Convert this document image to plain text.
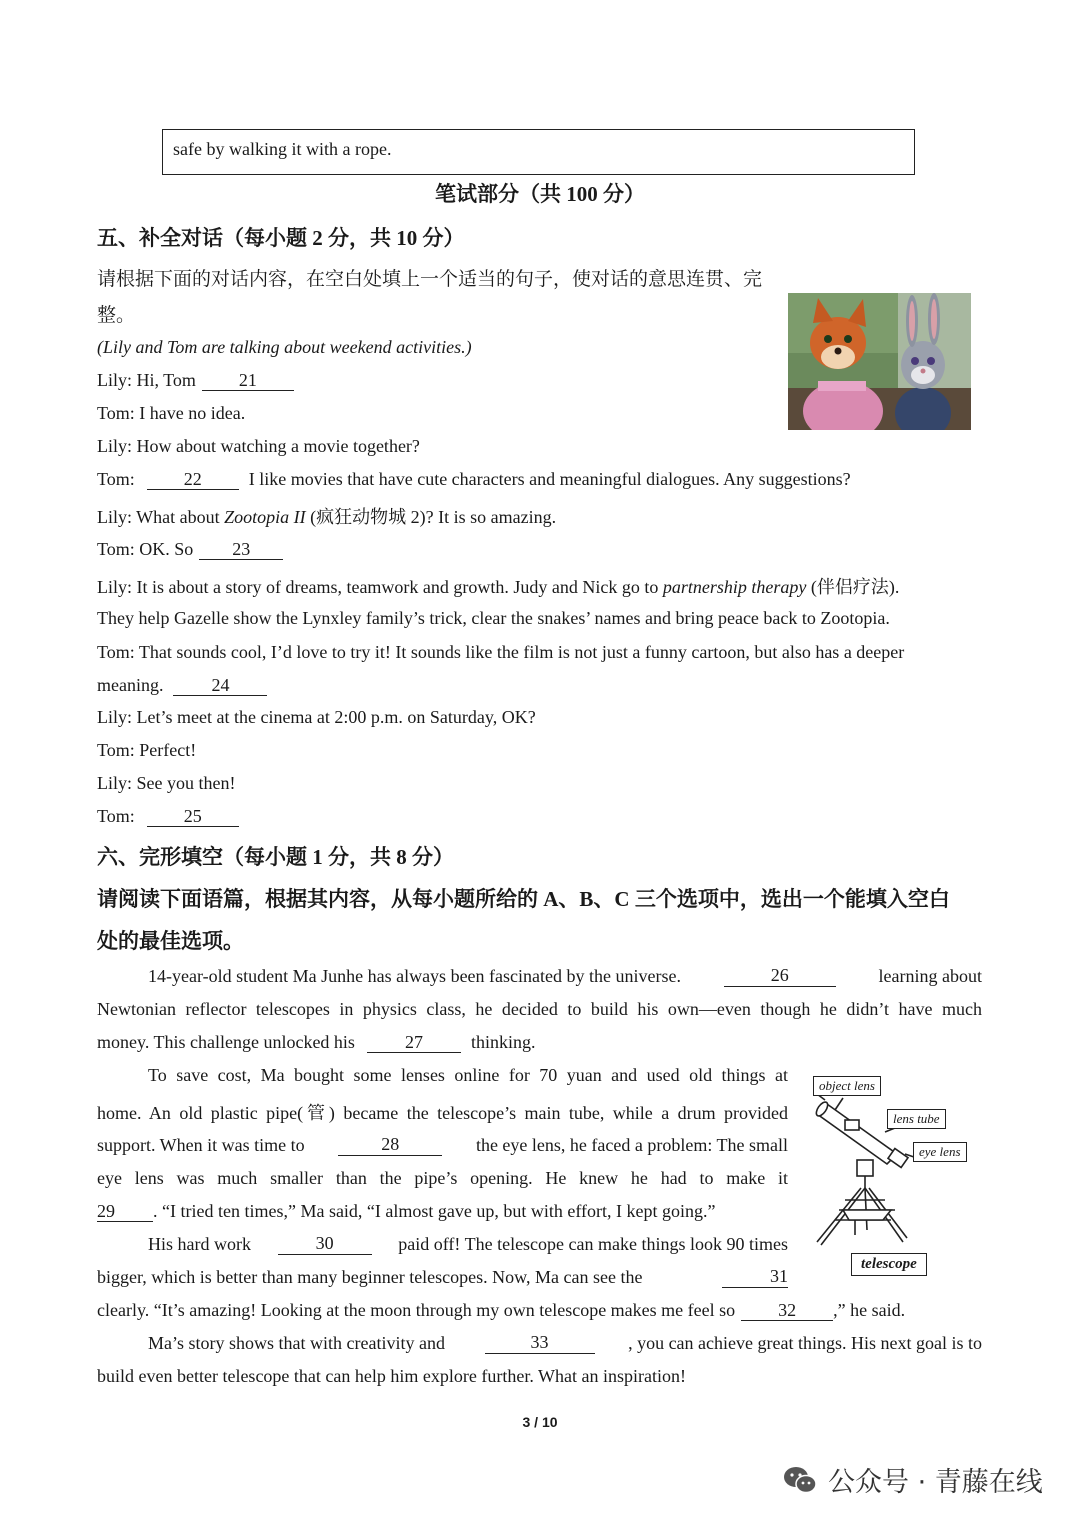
safe by walking it with a rope.
笔试部分（共 100 分）
五、补全对话（每小题 2 分，共 10 分）
请根据下面的对话内容，在空白处填上一个适当的句子，使对话的意思连贯、完
整。
(Lily and Tom are talking about weekend activities.)
Lily: Hi, Tom 21
Tom: I have no idea.
Lily: How about watching a movie together?
Tom:	22	I like movies that have cute characters and meaningful dialogues. Any suggestions?
Lily: What about Zootopia II (疯狂动物城 2)? It is so amazing.
Tom: OK. So 23
Lily: It is about a story of dreams, teamwork and growth. Judy and Nick go to partnership therapy (伴侣疗法).
They help Gazelle show the Lynxley family’s trick, clear the snakes’ names and bring peace back to Zootopia.
Tom: That sounds cool, I’d love to try it! It sounds like the film is not just a funny cartoon, but also has a deeper
meaning.	24
Lily: Let’s meet at the cinema at 2:00 p.m. on Saturday, OK?
Tom: Perfect!
Lily: See you then!
Tom:	25
六、完形填空（每小题 1 分，共 8 分）
请阅读下面语篇，根据其内容，从每小题所给的 A、B、C 三个选项中，选出一个能填入空白
处的最佳选项。
14-year-old student Ma Junhe has always been fascinated by the universe.	26	learning about
Newtonian reflector telescopes in physics class, he decided to build his own—even though he didn’t have much
money. This challenge unlocked his	27	thinking.
To save cost, Ma bought some lenses online for 70 yuan and used old things at
home. An old plastic pipe(管) became the telescope’s main tube, while a drum provided
support. When it was time to	28	the eye lens, he faced a problem: The small
eye lens was much smaller than the pipe’s opening. He knew he had to make it
29 . “I tried ten times,” Ma said, “I almost gave up, but with effort, I kept going.”
His hard work	30	paid off! The telescope can make things look 90 times
bigger, which is better than many beginner telescopes. Now, Ma can see the	31
clearly. “It’s amazing! Looking at the moon through my own telescope makes me feel so 32 ,” he said.
Ma’s story shows that with creativity and	33	, you can achieve great things. His next goal is to
build even better telescope that can help him explore further. What an inspiration!
object lens
lens tube
eye lens
telescope
3 / 10
公众号 · 青藤在线
